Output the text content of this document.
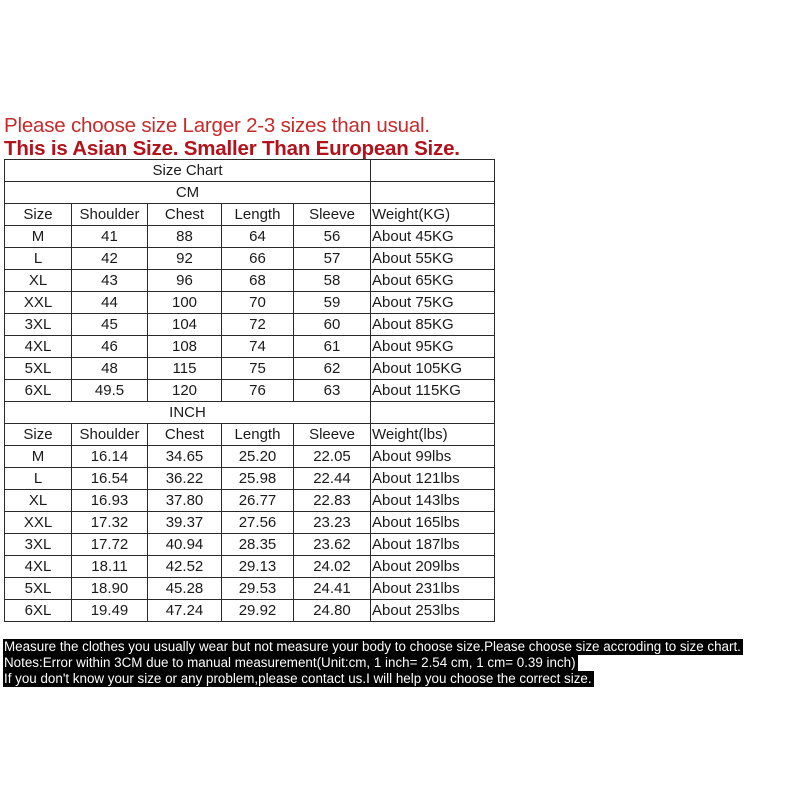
Please choose size Larger 2-3 sizes than usual.
This is Asian Size. Smaller Than European Size.
Size Chart					
CM					
Size	Shoulder	Chest	Length	Sleeve	Weight(KG)
M	41	88	64	56	About 45KG
L	42	92	66	57	About 55KG
XL	43	96	68	58	About 65KG
XXL	44	100	70	59	About 75KG
3XL	45	104	72	60	About 85KG
4XL	46	108	74	61	About 95KG
5XL	48	115	75	62	About 105KG
6XL	49.5	120	76	63	About 115KG
INCH					
Size	Shoulder	Chest	Length	Sleeve	Weight(lbs)
M	16.14	34.65	25.20	22.05	About 99lbs
L	16.54	36.22	25.98	22.44	About 121lbs
XL	16.93	37.80	26.77	22.83	About 143lbs
XXL	17.32	39.37	27.56	23.23	About 165lbs
3XL	17.72	40.94	28.35	23.62	About 187lbs
4XL	18.11	42.52	29.13	24.02	About 209lbs
5XL	18.90	45.28	29.53	24.41	About 231lbs
6XL	19.49	47.24	29.92	24.80	About 253lbs
Measure the clothes you usually wear but not measure your body to choose size.Please choose size accroding to size chart.
Notes:Error within 3CM due to manual measurement(Unit:cm, 1 inch= 2.54 cm, 1 cm= 0.39 inch)
If you don't know your size or any problem,please contact us.I will help you choose the correct size.
